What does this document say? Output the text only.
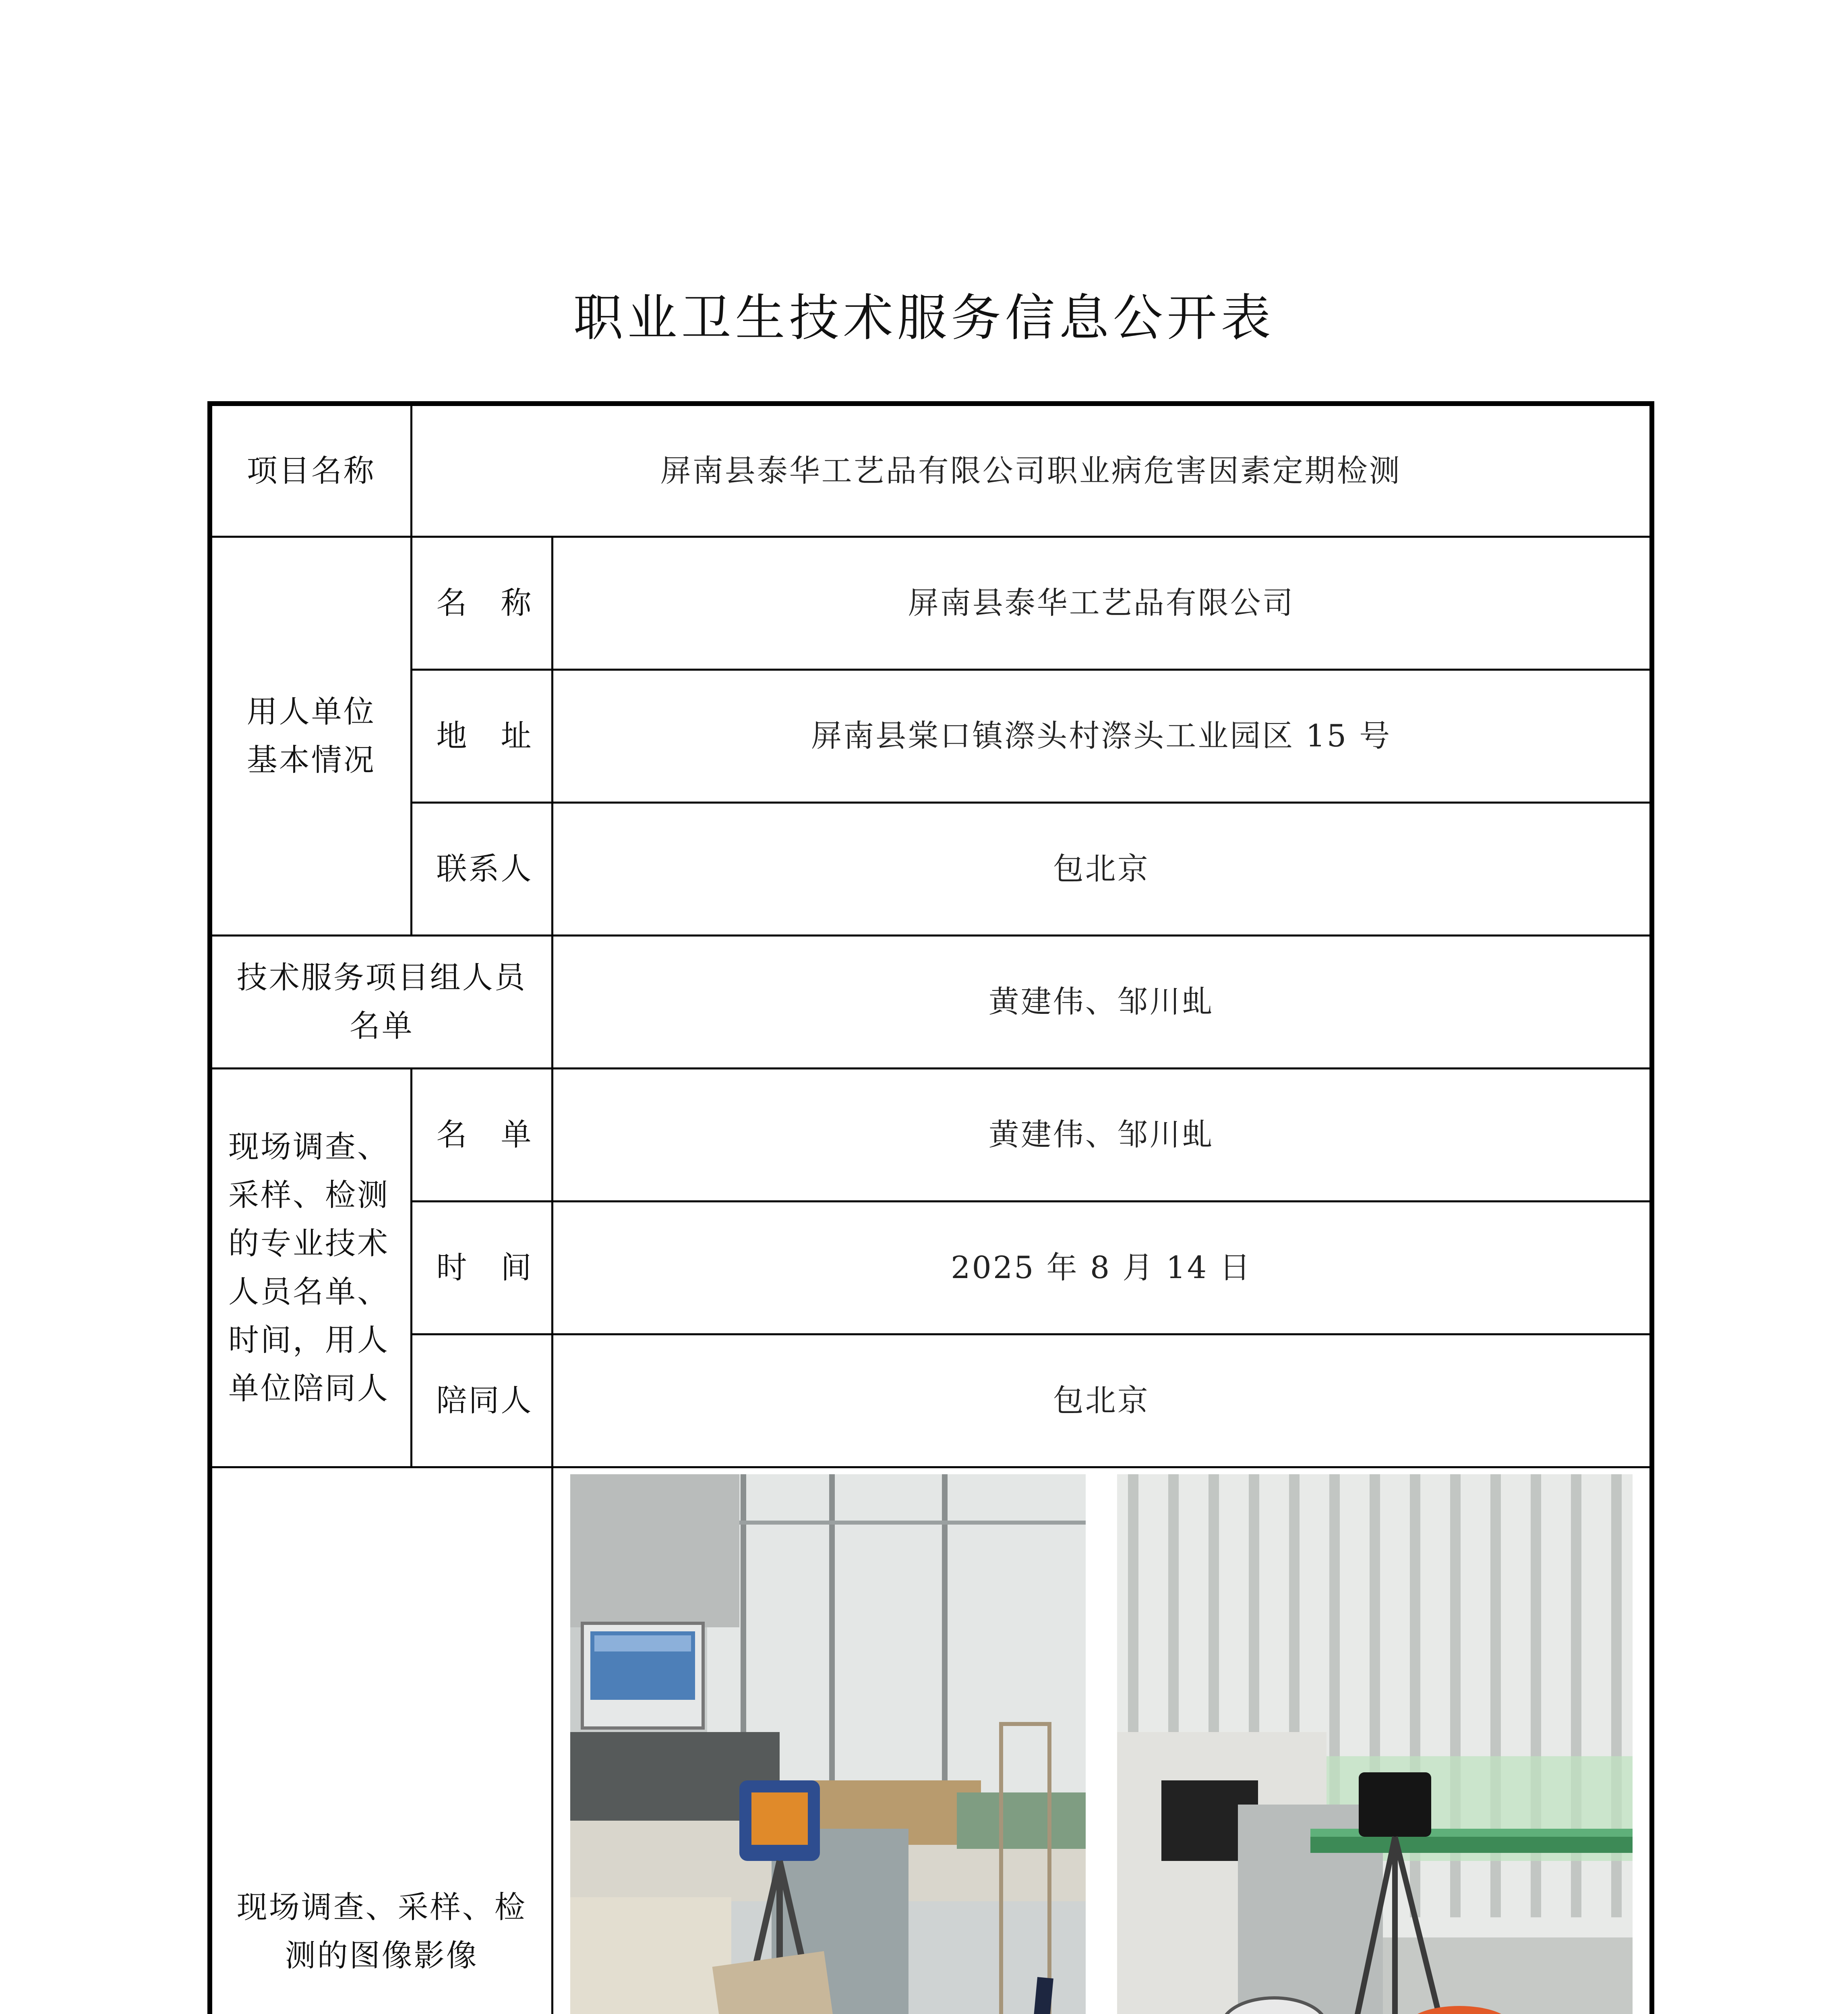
职业卫生技术服务信息公开表
项目名称	屏南县泰华工艺品有限公司职业病危害因素定期检测	
用人单位基本情况	名　称	屏南县泰华工艺品有限公司
	地　址	屏南县棠口镇漈头村漈头工业园区 15 号
	联系人	包北京
技术服务项目组人员名单		黄建伟、邹川虬
现场调查、采样、检测的专业技术人员名单、时间，用人单位陪同人	名　单	黄建伟、邹川虬
	时　间	2025 年 8 月 14 日
	陪同人	包北京
现场调查、采样、检测的图像影像	
